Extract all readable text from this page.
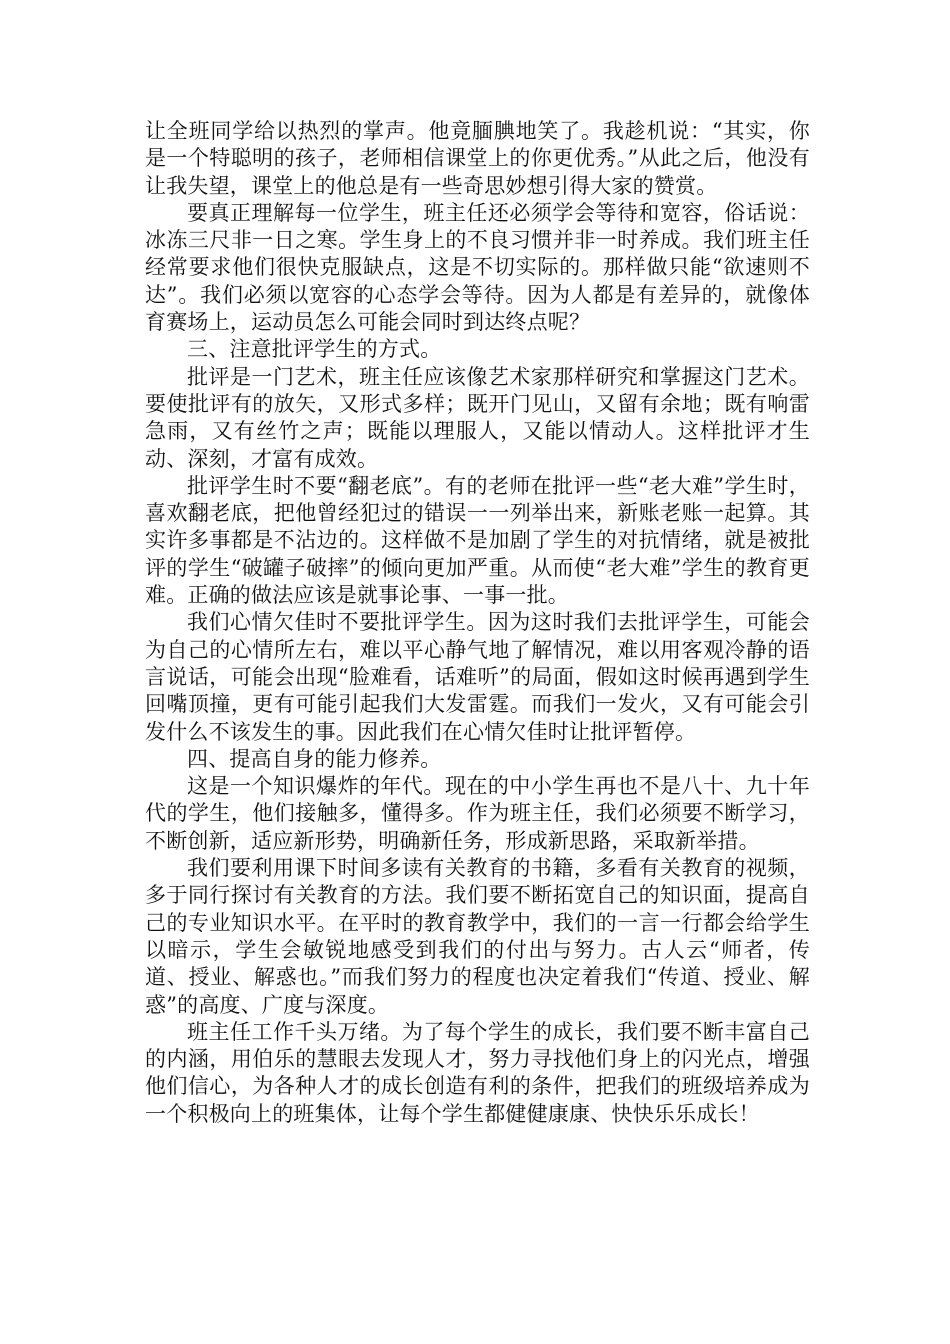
让全班同学给以热烈的掌声。他竟腼腆地笑了。我趁机说：“其实，你是一个特聪明的孩子，老师相信课堂上的你更优秀。”从此之后，他没有让我失望，课堂上的他总是有一些奇思妙想引得大家的赞赏。

要真正理解每一位学生，班主任还必须学会等待和宽容，俗话说：冰冻三尺非一日之寒。学生身上的不良习惯并非一时养成。我们班主任经常要求他们很快克服缺点，这是不切实际的。那样做只能“欲速则不达”。我们必须以宽容的心态学会等待。因为人都是有差异的，就像体育赛场上，运动员怎么可能会同时到达终点呢？

三、注意批评学生的方式。

批评是一门艺术，班主任应该像艺术家那样研究和掌握这门艺术。要使批评有的放矢，又形式多样；既开门见山，又留有余地；既有响雷急雨，又有丝竹之声；既能以理服人，又能以情动人。这样批评才生动、深刻，才富有成效。

批评学生时不要“翻老底”。有的老师在批评一些“老大难”学生时，喜欢翻老底，把他曾经犯过的错误一一列举出来，新账老账一起算。其实许多事都是不沾边的。这样做不是加剧了学生的对抗情绪，就是被批评的学生“破罐子破摔”的倾向更加严重。从而使“老大难”学生的教育更难。正确的做法应该是就事论事、一事一批。

我们心情欠佳时不要批评学生。因为这时我们去批评学生，可能会为自己的心情所左右，难以平心静气地了解情况，难以用客观冷静的语言说话，可能会出现“脸难看，话难听”的局面，假如这时候再遇到学生回嘴顶撞，更有可能引起我们大发雷霆。而我们一发火，又有可能会引发什么不该发生的事。因此我们在心情欠佳时让批评暂停。

四、提高自身的能力修养。

这是一个知识爆炸的年代。现在的中小学生再也不是八十、九十年代的学生，他们接触多，懂得多。作为班主任，我们必须要不断学习，不断创新，适应新形势，明确新任务，形成新思路，采取新举措。

我们要利用课下时间多读有关教育的书籍，多看有关教育的视频，多于同行探讨有关教育的方法。我们要不断拓宽自己的知识面，提高自己的专业知识水平。在平时的教育教学中，我们的一言一行都会给学生以暗示，学生会敏锐地感受到我们的付出与努力。古人云“师者，传道、授业、解惑也。”而我们努力的程度也决定着我们“传道、授业、解惑”的高度、广度与深度。

班主任工作千头万绪。为了每个学生的成长，我们要不断丰富自己的内涵，用伯乐的慧眼去发现人才，努力寻找他们身上的闪光点，增强他们信心，为各种人才的成长创造有利的条件，把我们的班级培养成为一个积极向上的班集体，让每个学生都健健康康、快快乐乐成长！
